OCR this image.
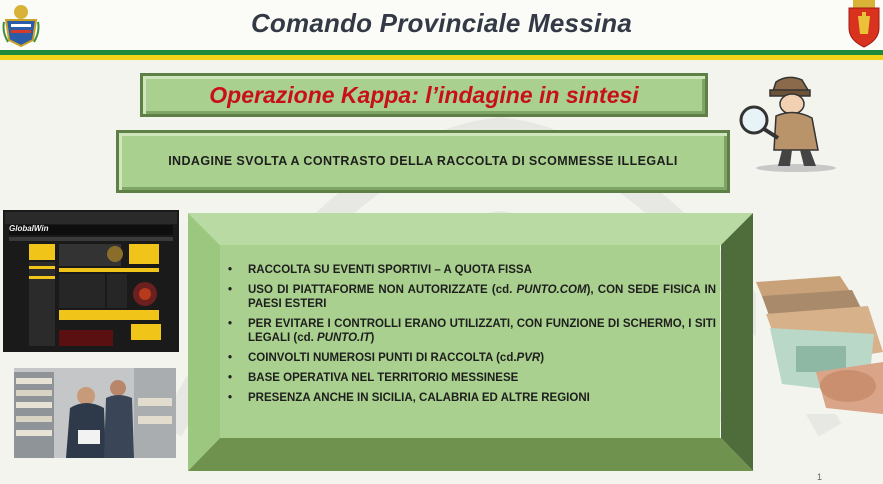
Comando Provinciale Messina
Operazione Kappa: l’indagine in sintesi
INDAGINE SVOLTA A CONTRASTO DELLA RACCOLTA DI SCOMMESSE ILLEGALI
• RACCOLTA SU EVENTI SPORTIVI – A QUOTA FISSA
• USO DI PIATTAFORME NON AUTORIZZATE (cd. PUNTO.COM), CON SEDE FISICA IN PAESI ESTERI
• PER EVITARE I CONTROLLI ERANO UTILIZZATI, CON FUNZIONE DI SCHERMO, I SITI LEGALI (cd. PUNTO.IT)
• COINVOLTI NUMEROSI PUNTI DI RACCOLTA (cd.PVR)
• BASE OPERATIVA NEL TERRITORIO MESSINESE
• PRESENZA ANCHE IN SICILIA, CALABRIA ED ALTRE REGIONI
GlobalWin
1
